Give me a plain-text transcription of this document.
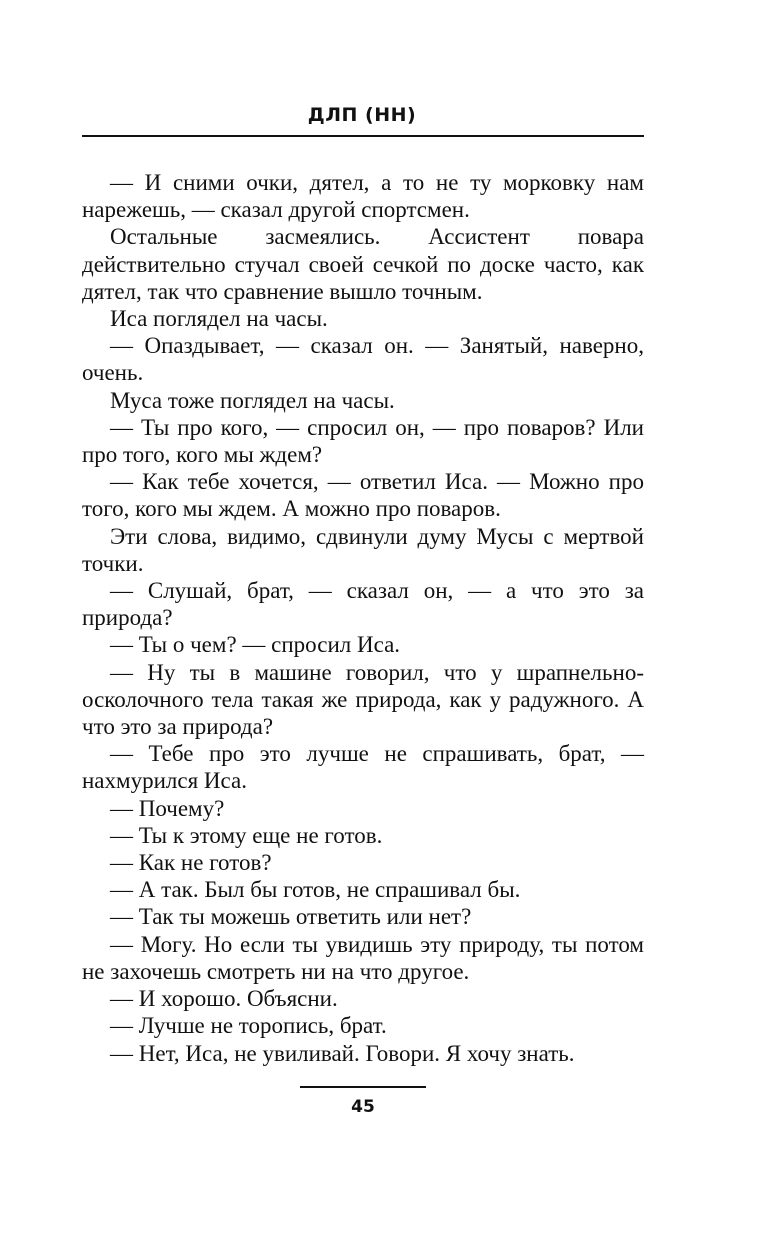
ДЛП (НН)

— И сними очки, дятел, а то не ту морковку нам нарежешь, — сказал другой спортсмен.

Остальные засмеялись. Ассистент повара действительно стучал своей сечкой по доске часто, как дятел, так что сравнение вышло точным.

Иса поглядел на часы.

— Опаздывает, — сказал он. — Занятый, наверно, очень.

Муса тоже поглядел на часы.

— Ты про кого, — спросил он, — про поваров? Или про того, кого мы ждем?

— Как тебе хочется, — ответил Иса. — Можно про того, кого мы ждем. А можно про поваров.

Эти слова, видимо, сдвинули думу Мусы с мертвой точки.

— Слушай, брат, — сказал он, — а что это за природа?

— Ты о чем? — спросил Иса.

— Ну ты в машине говорил, что у шрапнельно-осколочного тела такая же природа, как у радужного. А что это за природа?

— Тебе про это лучше не спрашивать, брат, — нахмурился Иса.

— Почему?

— Ты к этому еще не готов.

— Как не готов?

— А так. Был бы готов, не спрашивал бы.

— Так ты можешь ответить или нет?

— Могу. Но если ты увидишь эту природу, ты потом не захочешь смотреть ни на что другое.

— И хорошо. Объясни.

— Лучше не торопись, брат.

— Нет, Иса, не увиливай. Говори. Я хочу знать.

45
